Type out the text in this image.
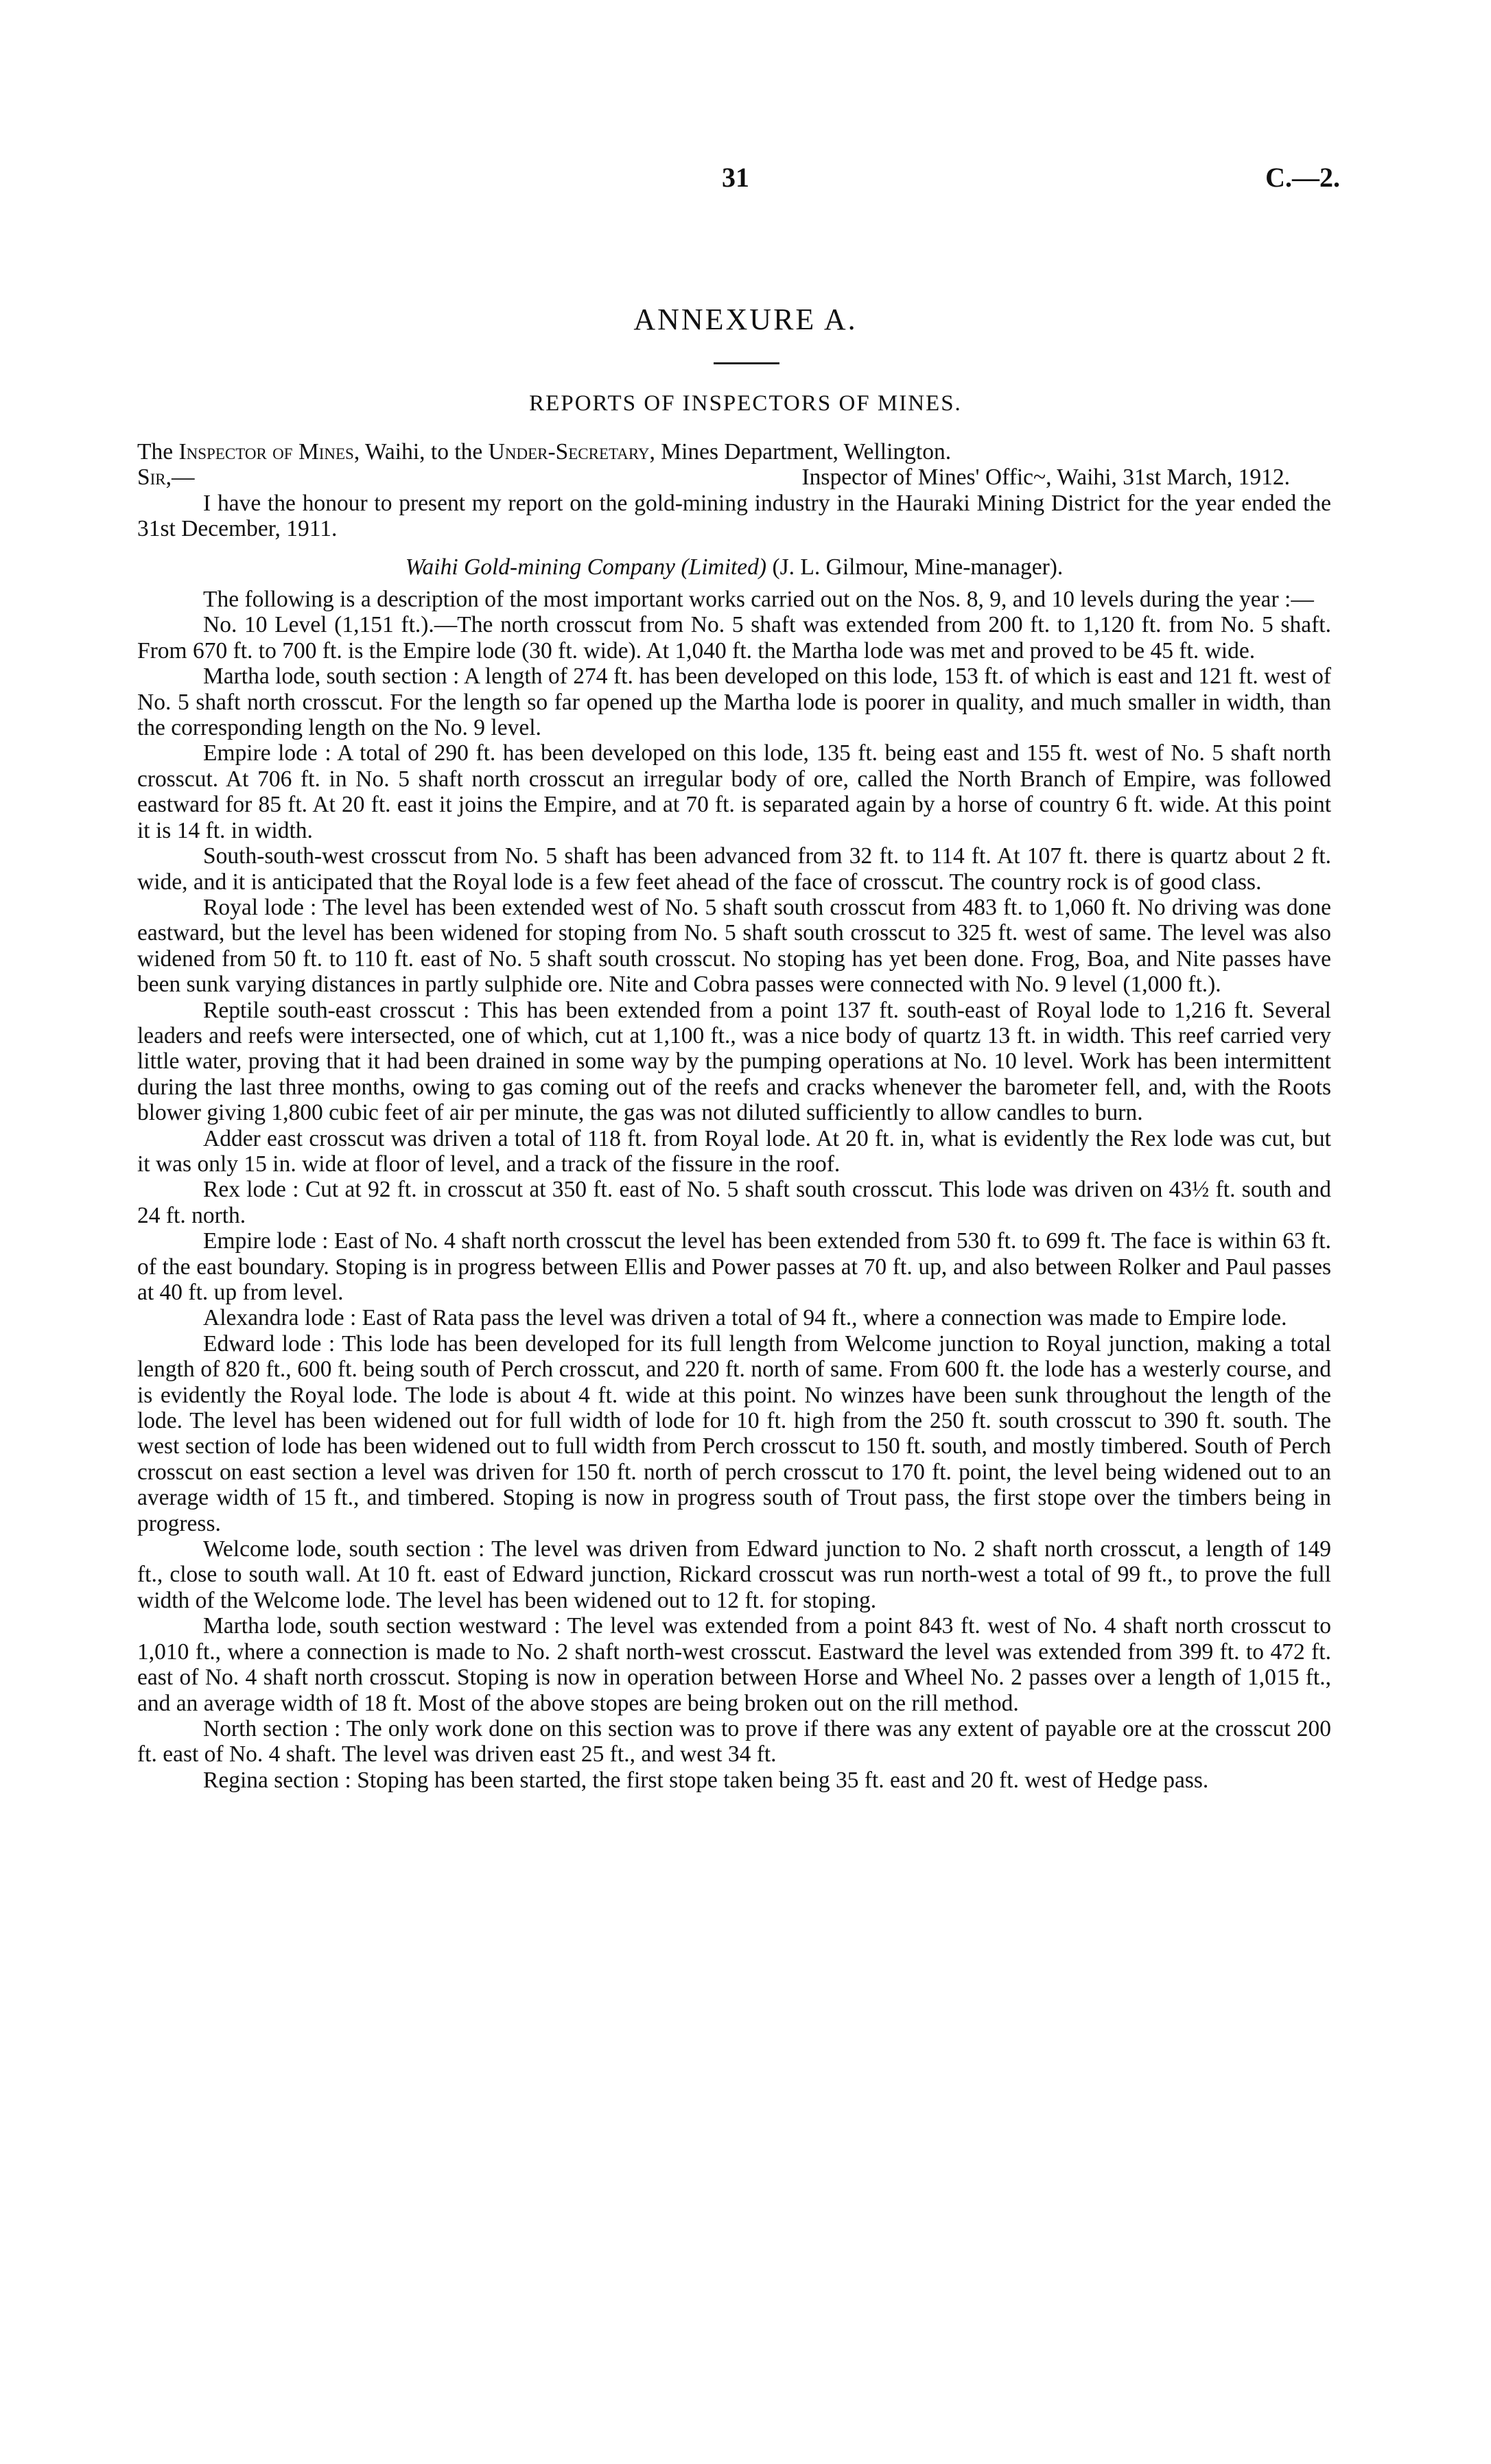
31	C.—2.
ANNEXURE A.
REPORTS OF INSPECTORS OF MINES.

The Inspector of Mines, Waihi, to the Under-Secretary, Mines Department, Wellington.

Sir,—	Inspector of Mines' Offic~, Waihi, 31st March, 1912.

I have the honour to present my report on the gold-mining industry in the Hauraki Mining District for the year ended the 31st December, 1911.

Waihi Gold-mining Company (Limited) (J. L. Gilmour, Mine-manager).

The following is a description of the most important works carried out on the Nos. 8, 9, and 10 levels during the year :—

No. 10 Level (1,151 ft.).—The north crosscut from No. 5 shaft was extended from 200 ft. to 1,120 ft. from No. 5 shaft. From 670 ft. to 700 ft. is the Empire lode (30 ft. wide). At 1,040 ft. the Martha lode was met and proved to be 45 ft. wide.

Martha lode, south section : A length of 274 ft. has been developed on this lode, 153 ft. of which is east and 121 ft. west of No. 5 shaft north crosscut. For the length so far opened up the Martha lode is poorer in quality, and much smaller in width, than the corresponding length on the No. 9 level.

Empire lode : A total of 290 ft. has been developed on this lode, 135 ft. being east and 155 ft. west of No. 5 shaft north crosscut. At 706 ft. in No. 5 shaft north crosscut an irregular body of ore, called the North Branch of Empire, was followed eastward for 85 ft. At 20 ft. east it joins the Empire, and at 70 ft. is separated again by a horse of country 6 ft. wide. At this point it is 14 ft. in width.

South-south-west crosscut from No. 5 shaft has been advanced from 32 ft. to 114 ft. At 107 ft. there is quartz about 2 ft. wide, and it is anticipated that the Royal lode is a few feet ahead of the face of crosscut. The country rock is of good class.

Royal lode : The level has been extended west of No. 5 shaft south crosscut from 483 ft. to 1,060 ft. No driving was done eastward, but the level has been widened for stoping from No. 5 shaft south crosscut to 325 ft. west of same. The level was also widened from 50 ft. to 110 ft. east of No. 5 shaft south crosscut. No stoping has yet been done. Frog, Boa, and Nite passes have been sunk varying distances in partly sulphide ore. Nite and Cobra passes were connected with No. 9 level (1,000 ft.).

Reptile south-east crosscut : This has been extended from a point 137 ft. south-east of Royal lode to 1,216 ft. Several leaders and reefs were intersected, one of which, cut at 1,100 ft., was a nice body of quartz 13 ft. in width. This reef carried very little water, proving that it had been drained in some way by the pumping operations at No. 10 level. Work has been intermittent during the last three months, owing to gas coming out of the reefs and cracks whenever the barometer fell, and, with the Roots blower giving 1,800 cubic feet of air per minute, the gas was not diluted sufficiently to allow candles to burn.

Adder east crosscut was driven a total of 118 ft. from Royal lode. At 20 ft. in, what is evidently the Rex lode was cut, but it was only 15 in. wide at floor of level, and a track of the fissure in the roof.

Rex lode : Cut at 92 ft. in crosscut at 350 ft. east of No. 5 shaft south crosscut. This lode was driven on 43½ ft. south and 24 ft. north.

Empire lode : East of No. 4 shaft north crosscut the level has been extended from 530 ft. to 699 ft. The face is within 63 ft. of the east boundary. Stoping is in progress between Ellis and Power passes at 70 ft. up, and also between Rolker and Paul passes at 40 ft. up from level.

Alexandra lode : East of Rata pass the level was driven a total of 94 ft., where a connection was made to Empire lode.

Edward lode : This lode has been developed for its full length from Welcome junction to Royal junction, making a total length of 820 ft., 600 ft. being south of Perch crosscut, and 220 ft. north of same. From 600 ft. the lode has a westerly course, and is evidently the Royal lode. The lode is about 4 ft. wide at this point. No winzes have been sunk throughout the length of the lode. The level has been widened out for full width of lode for 10 ft. high from the 250 ft. south crosscut to 390 ft. south. The west section of lode has been widened out to full width from Perch crosscut to 150 ft. south, and mostly timbered. South of Perch crosscut on east section a level was driven for 150 ft. north of perch crosscut to 170 ft. point, the level being widened out to an average width of 15 ft., and timbered. Stoping is now in progress south of Trout pass, the first stope over the timbers being in progress.

Welcome lode, south section : The level was driven from Edward junction to No. 2 shaft north crosscut, a length of 149 ft., close to south wall. At 10 ft. east of Edward junction, Rickard crosscut was run north-west a total of 99 ft., to prove the full width of the Welcome lode. The level has been widened out to 12 ft. for stoping.

Martha lode, south section westward : The level was extended from a point 843 ft. west of No. 4 shaft north crosscut to 1,010 ft., where a connection is made to No. 2 shaft north-west crosscut. Eastward the level was extended from 399 ft. to 472 ft. east of No. 4 shaft north crosscut. Stoping is now in operation between Horse and Wheel No. 2 passes over a length of 1,015 ft., and an average width of 18 ft. Most of the above stopes are being broken out on the rill method.

North section : The only work done on this section was to prove if there was any extent of payable ore at the crosscut 200 ft. east of No. 4 shaft. The level was driven east 25 ft., and west 34 ft.

Regina section : Stoping has been started, the first stope taken being 35 ft. east and 20 ft. west of Hedge pass.
